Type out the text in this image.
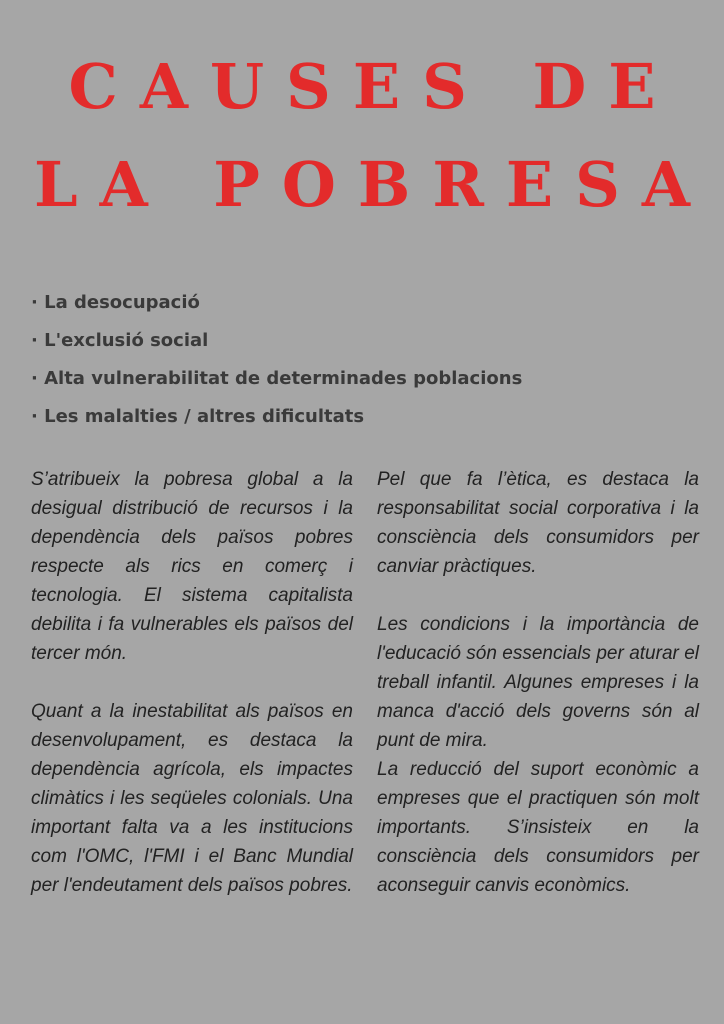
CAUSES DE
LA POBRESA
· La desocupació
· L'exclusió social
· Alta vulnerabilitat de determinades poblacions
· Les malalties / altres dificultats

S’atribueix la pobresa global a la desigual distribució de recursos i la dependència dels països pobres respecte als rics en comerç i tecnologia. El sistema capitalista debilita i fa vulnerables els països del tercer món.

Quant a la inestabilitat als països en desenvolupament, es destaca la dependència agrícola, els impactes climàtics i les seqüeles colonials. Una important falta va a les institucions com l'OMC, l'FMI i el Banc Mundial per l'endeutament dels països pobres.

Pel que fa l’ètica, es destaca la responsabilitat social corporativa i la consciència dels consumidors per canviar pràctiques.

Les condicions i la importància de l'educació són essencials per aturar el treball infantil. Algunes empreses i la manca d'acció dels governs són al punt de mira.

La reducció del suport econòmic a empreses que el practiquen són molt importants. S’insisteix en la consciència dels consumidors per aconseguir canvis econòmics.
